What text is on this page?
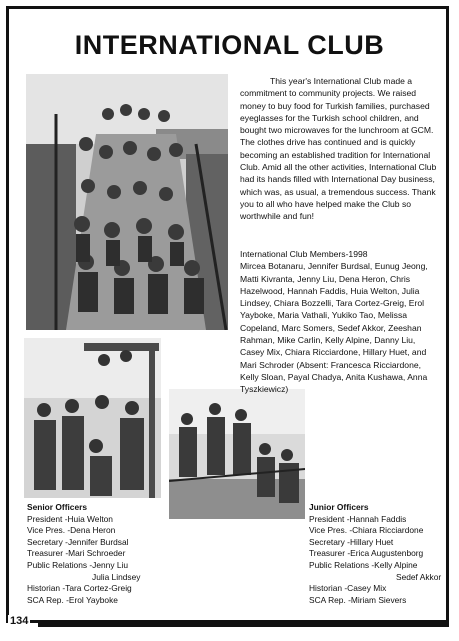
INTERNATIONAL CLUB
This year's International Club made a commitment to community projects. We raised money to buy food for Turkish families, purchased eyeglasses for the Turkish school children, and bought two microwaves for the lunchroom at GCM. The clothes drive has continued and is quickly becoming an established tradition for International Club. Amid all the other activities, International Club had its hands filled with International Day business, which was, as usual, a tremendous success. Thank you to all who have helped make the Club so worthwhile and fun!
International Club Members-1998
Mircea Botanaru, Jennifer Burdsal, Eunug Jeong, Matti Kivranta, Jenny Liu, Dena Heron, Chris Hazelwood, Hannah Faddis, Huia Welton, Julia Lindsey, Chiara Bozzelli, Tara Cortez-Greig, Erol Yayboke, Maria Vathali, Yukiko Tao, Melissa Copeland, Marc Somers, Sedef Akkor, Zeeshan Rahman, Mike Carlin, Kelly Alpine, Danny Liu, Casey Mix, Chiara Ricciardone, Hillary Huet, and Mari Schroder (Absent: Francesca Ricciardone, Kelly Sloan, Payal Chadya, Anita Kushawa, Anna Tyszkiewicz)
Senior Officers
President -Huia Welton
Vice Pres. -Dena Heron
Secretary -Jennifer Burdsal
Treasurer -Mari Schroeder
Public Relations -Jenny Liu
Julia Lindsey
Historian -Tara Cortez-Greig
SCA Rep. -Erol Yayboke
Junior Officers
President -Hannah Faddis
Vice Pres. -Chiara Ricciardone
Secretary -Hillary Huet
Treasurer -Erica Augustenborg
Public Relations -Kelly Alpine
Sedef Akkor
Historian -Casey Mix
SCA Rep. -Miriam Sievers
134
